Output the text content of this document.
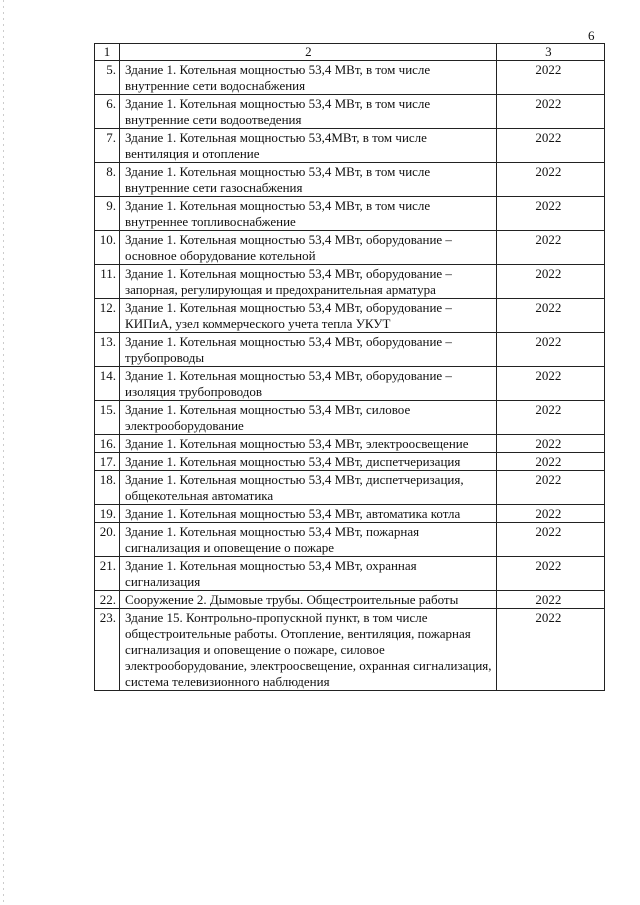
6
1	2	3
5.	Здание 1. Котельная мощностью 53,4 МВт, в том числе внутренние сети водоснабжения	2022
6.	Здание 1. Котельная мощностью 53,4 МВт, в том числе внутренние сети водоотведения	2022
7.	Здание 1. Котельная мощностью 53,4МВт, в том числе вентиляция и отопление	2022
8.	Здание 1. Котельная мощностью 53,4 МВт, в том числе внутренние сети газоснабжения	2022
9.	Здание 1. Котельная мощностью 53,4 МВт, в том числе внутреннее топливоснабжение	2022
10.	Здание 1. Котельная мощностью 53,4 МВт, оборудование – основное оборудование котельной	2022
11.	Здание 1. Котельная мощностью 53,4 МВт, оборудование – запорная, регулирующая и предохранительная арматура	2022
12.	Здание 1. Котельная мощностью 53,4 МВт, оборудование – КИПиА, узел коммерческого учета тепла УКУТ	2022
13.	Здание 1. Котельная мощностью 53,4 МВт, оборудование – трубопроводы	2022
14.	Здание 1. Котельная мощностью 53,4 МВт, оборудование – изоляция трубопроводов	2022
15.	Здание 1. Котельная мощностью 53,4 МВт, силовое электрооборудование	2022
16.	Здание 1. Котельная мощностью 53,4 МВт, электроосвещение	2022
17.	Здание 1. Котельная мощностью 53,4 МВт, диспетчеризация	2022
18.	Здание 1. Котельная мощностью 53,4 МВт, диспетчеризация, общекотельная автоматика	2022
19.	Здание 1. Котельная мощностью 53,4 МВт, автоматика котла	2022
20.	Здание 1. Котельная мощностью 53,4 МВт, пожарная сигнализация и оповещение о пожаре	2022
21.	Здание 1. Котельная мощностью 53,4 МВт, охранная сигнализация	2022
22.	Сооружение 2. Дымовые трубы. Общестроительные работы	2022
23.	Здание 15. Контрольно-пропускной пункт, в том числе общестроительные работы. Отопление, вентиляция, пожарная сигнализация и оповещение о пожаре, силовое электрооборудование, электроосвещение, охранная сигнализация, система телевизионного наблюдения	2022
